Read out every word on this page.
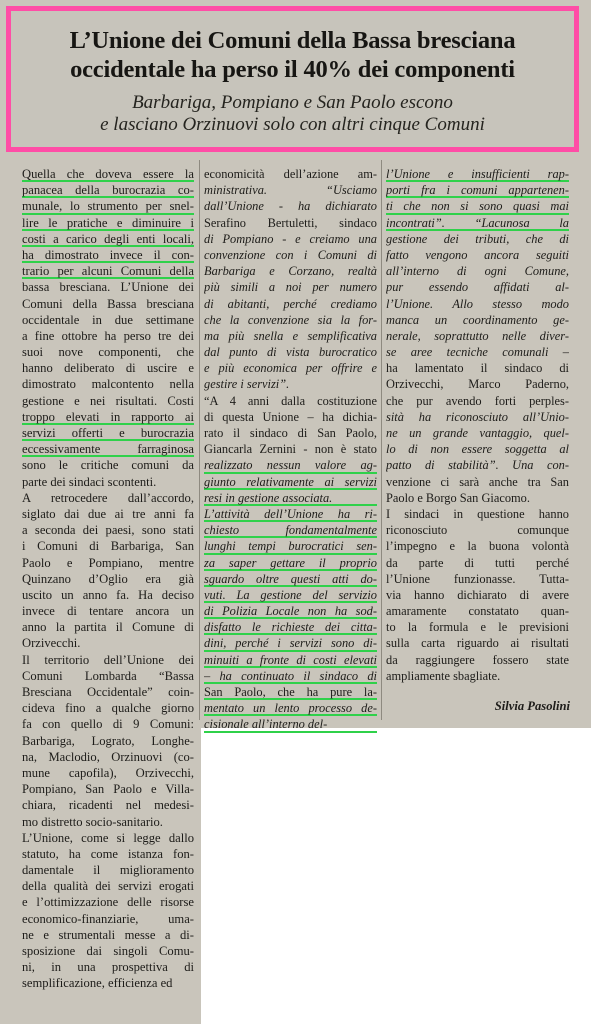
L’Unione dei Comuni della Bassa bresciana
occidentale ha perso il 40% dei componenti
Barbariga, Pompiano e San Paolo escono
e lasciano Orzinuovi solo con altri cinque Comuni
Quella che doveva essere la
panacea della burocrazia co-
munale, lo strumento per snel-
lire le pratiche e diminuire i
costi a carico degli enti locali,
ha dimostrato invece il con-
trario per alcuni Comuni della
bassa bresciana. L’Unione dei
Comuni della Bassa bresciana
occidentale in due settimane
a fine ottobre ha perso tre dei
suoi nove componenti, che
hanno deliberato di uscire e
dimostrato malcontento nella
gestione e nei risultati. Costi
troppo elevati in rapporto ai
servizi offerti e burocrazia
eccessivamente farraginosa
sono le critiche comuni da
parte dei sindaci scontenti.
A retrocedere dall’accordo,
siglato dai due ai tre anni fa
a seconda dei paesi, sono stati
i Comuni di Barbariga, San
Paolo e Pompiano, mentre
Quinzano d’Oglio era già
uscito un anno fa. Ha deciso
invece di tentare ancora un
anno la partita il Comune di
Orzivecchi.
Il territorio dell’Unione dei
Comuni Lombarda “Bassa
Bresciana Occidentale” coin-
cideva fino a qualche giorno
fa con quello di 9 Comuni:
Barbariga, Lograto, Longhe-
na, Maclodio, Orzinuovi (co-
mune capofila), Orzivecchi,
Pompiano, San Paolo e Villa-
chiara, ricadenti nel medesi-
mo distretto socio-sanitario.
L’Unione, come si legge dallo
statuto, ha come istanza fon-
damentale il miglioramento
della qualità dei servizi erogati
e l’ottimizzazione delle risorse
economico-finanziarie, uma-
ne e strumentali messe a di-
sposizione dai singoli Comu-
ni, in una prospettiva di
semplificazione, efficienza ed
economicità dell’azione am-
ministrativa. “Usciamo
dall’Unione - ha dichiarato
Serafino Bertuletti, sindaco
di Pompiano - e creiamo una
convenzione con i Comuni di
Barbariga e Corzano, realtà
più simili a noi per numero
di abitanti, perché crediamo
che la convenzione sia la for-
ma più snella e semplificativa
dal punto di vista burocratico
e più economica per offrire e
gestire i servizi”.
“A 4 anni dalla costituzione
di questa Unione – ha dichia-
rato il sindaco di San Paolo,
Giancarla Zernini - non è stato
realizzato nessun valore ag-
giunto relativamente ai servizi
resi in gestione associata.
L’attività dell’Unione ha ri-
chiesto fondamentalmente
lunghi tempi burocratici sen-
za saper gettare il proprio
sguardo oltre questi atti do-
vuti. La gestione del servizio
di Polizia Locale non ha sod-
disfatto le richieste dei citta-
dini, perché i servizi sono di-
minuiti a fronte di costi elevati
– ha continuato il sindaco di
San Paolo, che ha pure la-
mentato un lento processo de-
cisionale all’interno del-
l’Unione e insufficienti rap-
porti fra i comuni appartenen-
ti che non si sono quasi mai
incontrati”. “Lacunosa la
gestione dei tributi, che di
fatto vengono ancora seguiti
all’interno di ogni Comune,
pur essendo affidati al-
l’Unione. Allo stesso modo
manca un coordinamento ge-
nerale, soprattutto nelle diver-
se aree tecniche comunali –
ha lamentato il sindaco di
Orzivecchi, Marco Paderno,
che pur avendo forti perples-
sità ha riconosciuto all’Unio-
ne un grande vantaggio, quel-
lo di non essere soggetta al
patto di stabilità”. Una con-
venzione ci sarà anche tra San
Paolo e Borgo San Giacomo.
I sindaci in questione hanno
riconosciuto comunque
l’impegno e la buona volontà
da parte di tutti perché
l’Unione funzionasse. Tutta-
via hanno dichiarato di avere
amaramente constatato quan-
to la formula e le previsioni
sulla carta riguardo ai risultati
da raggiungere fossero state
ampliamente sbagliate.
Silvia Pasolini
